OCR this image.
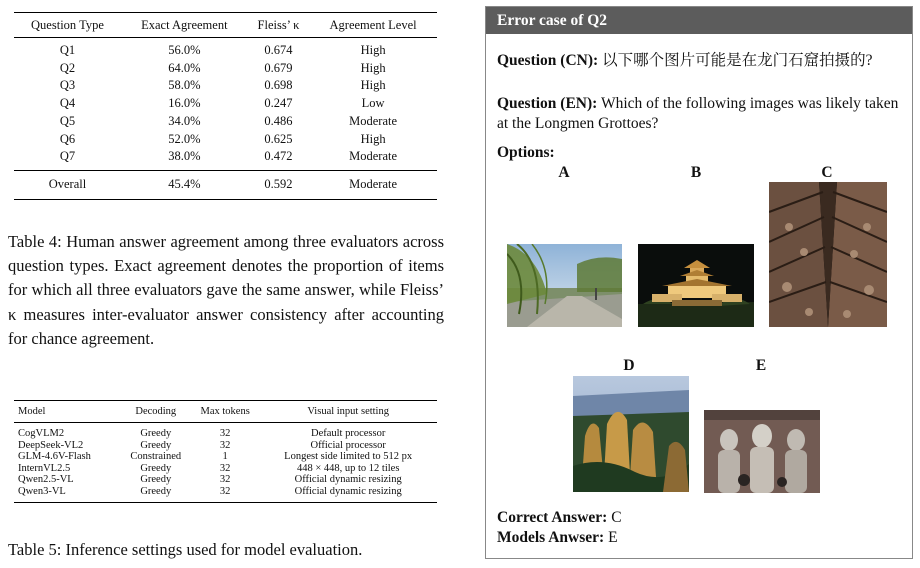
Question Type	Exact Agreement	Fleiss’ κ	Agreement Level
Q1	56.0%	0.674	High
Q2	64.0%	0.679	High
Q3	58.0%	0.698	High
Q4	16.0%	0.247	Low
Q5	34.0%	0.486	Moderate
Q6	52.0%	0.625	High
Q7	38.0%	0.472	Moderate
Overall	45.4%	0.592	Moderate

Table 4: Human answer agreement among three evaluators across question types. Exact agreement denotes the proportion of items for which all three evaluators gave the same answer, while Fleiss’ κ measures inter-evaluator answer consistency after accounting for chance agreement.

Model	Decoding	Max tokens	Visual input setting
CogVLM2	Greedy	32	Default processor
DeepSeek-VL2	Greedy	32	Official processor
GLM-4.6V-Flash	Constrained	1	Longest side limited to 512 px
InternVL2.5	Greedy	32	448 × 448, up to 12 tiles
Qwen2.5-VL	Greedy	32	Official dynamic resizing
Qwen3-VL	Greedy	32	Official dynamic resizing

Table 5: Inference settings used for model evaluation.

Error case of Q2

Question (CN): 以下哪个图片可能是在龙门石窟拍摄的?

Question (EN): Which of the following images was likely taken at the Longmen Grottoes?

Options:
A	B	C
D	E
Correct Answer: C
Models Anwser: E
